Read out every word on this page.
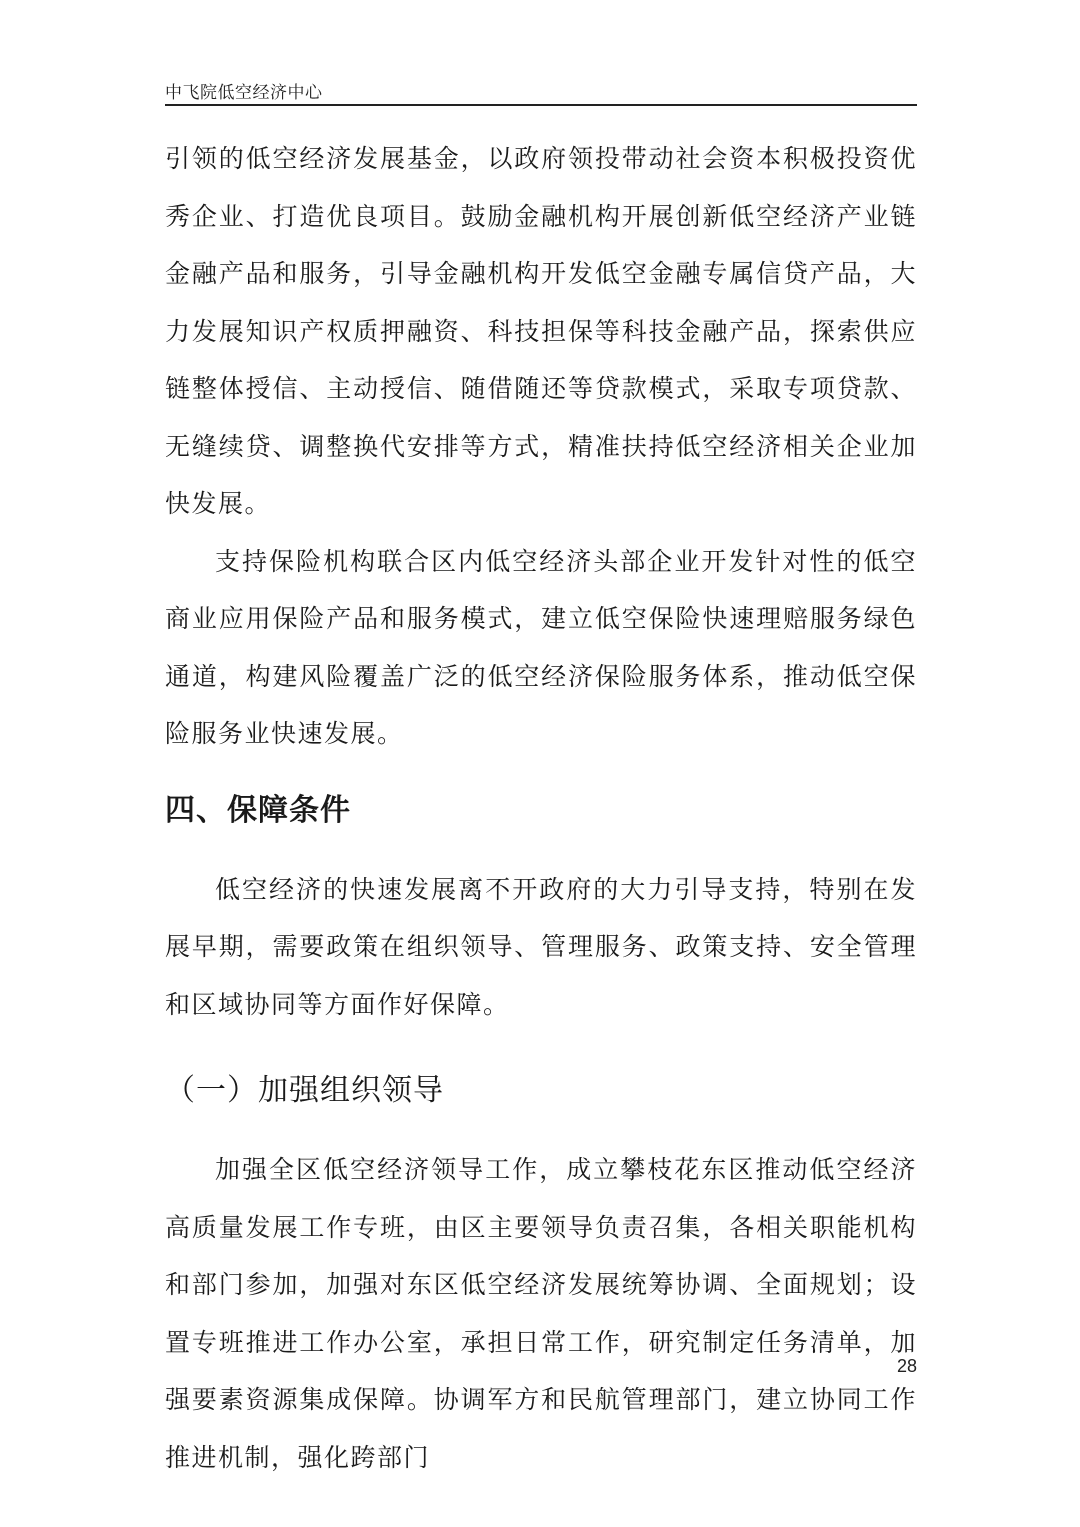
中飞院低空经济中心

引领的低空经济发展基金，以政府领投带动社会资本积极投资优秀企业、打造优良项目。鼓励金融机构开展创新低空经济产业链金融产品和服务，引导金融机构开发低空金融专属信贷产品，大力发展知识产权质押融资、科技担保等科技金融产品，探索供应链整体授信、主动授信、随借随还等贷款模式，采取专项贷款、无缝续贷、调整换代安排等方式，精准扶持低空经济相关企业加快发展。

支持保险机构联合区内低空经济头部企业开发针对性的低空商业应用保险产品和服务模式，建立低空保险快速理赔服务绿色通道，构建风险覆盖广泛的低空经济保险服务体系，推动低空保险服务业快速发展。

四、保障条件

低空经济的快速发展离不开政府的大力引导支持，特别在发展早期，需要政策在组织领导、管理服务、政策支持、安全管理和区域协同等方面作好保障。

（一）加强组织领导

加强全区低空经济领导工作，成立攀枝花东区推动低空经济高质量发展工作专班，由区主要领导负责召集，各相关职能机构和部门参加，加强对东区低空经济发展统筹协调、全面规划；设置专班推进工作办公室，承担日常工作，研究制定任务清单，加强要素资源集成保障。协调军方和民航管理部门，建立协同工作推进机制，强化跨部门

28
